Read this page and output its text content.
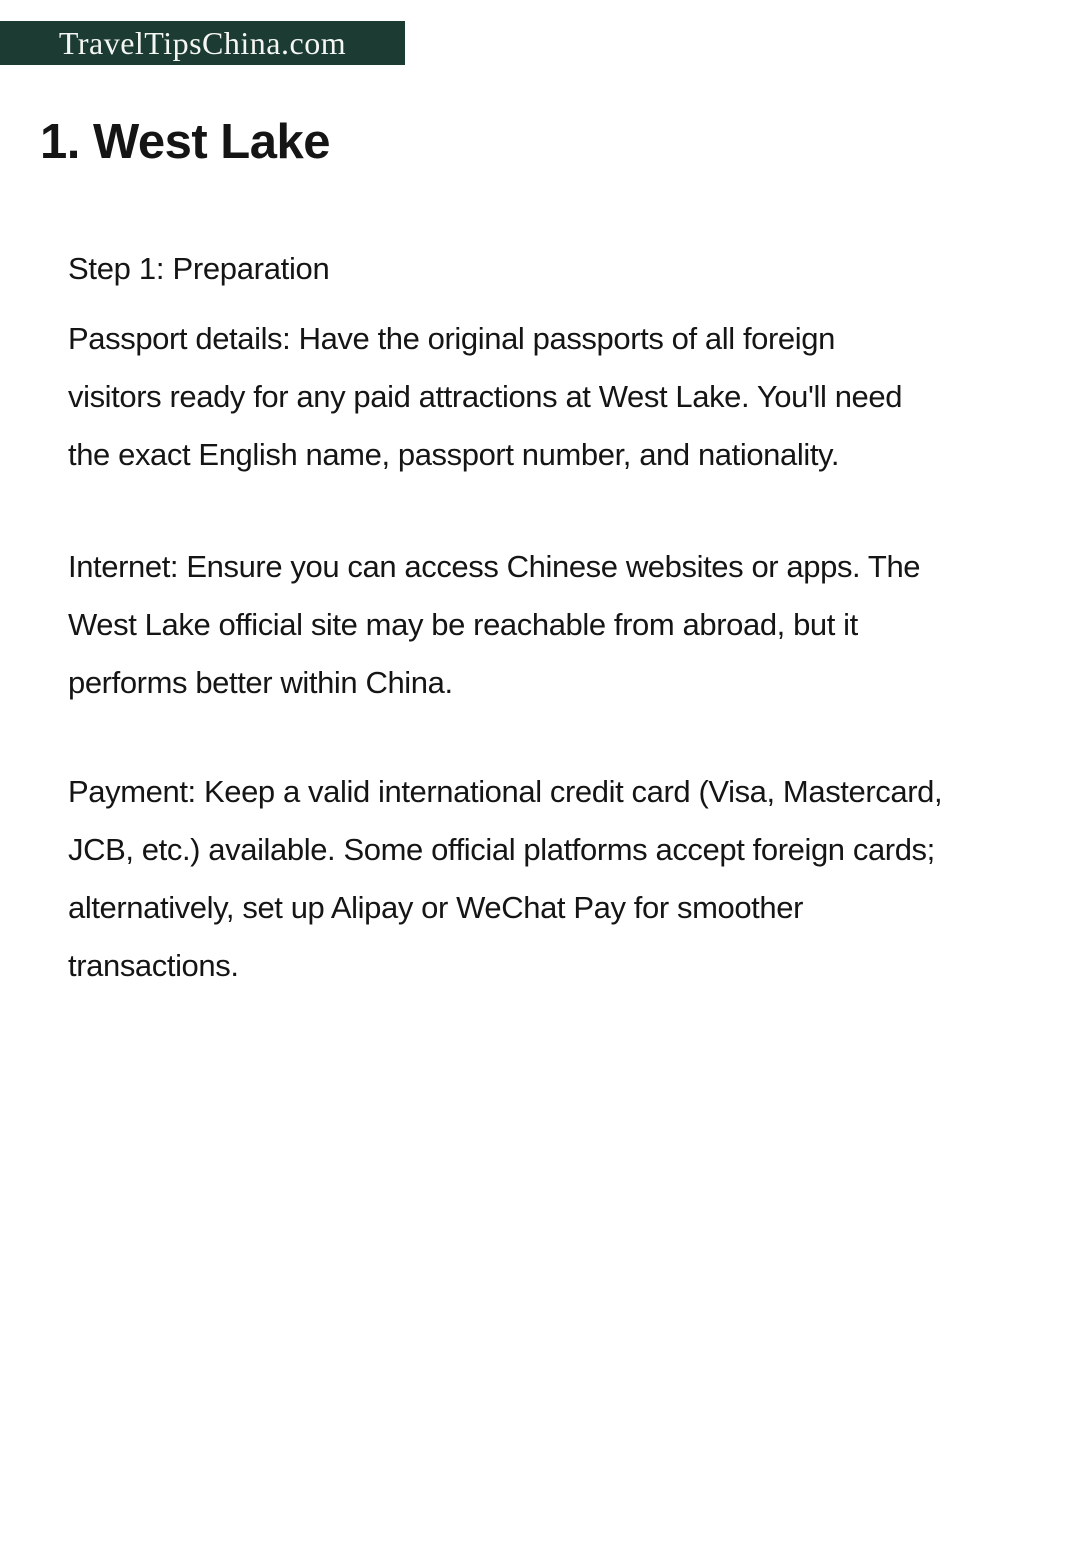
TravelTipsChina.com
1. West Lake
Step 1: Preparation
Passport details: Have the original passports of all foreign
visitors ready for any paid attractions at West Lake. You'll need
the exact English name, passport number, and nationality.
Internet: Ensure you can access Chinese websites or apps. The
West Lake official site may be reachable from abroad, but it
performs better within China.
Payment: Keep a valid international credit card (Visa, Mastercard,
JCB, etc.) available. Some official platforms accept foreign cards;
alternatively, set up Alipay or WeChat Pay for smoother
transactions.
